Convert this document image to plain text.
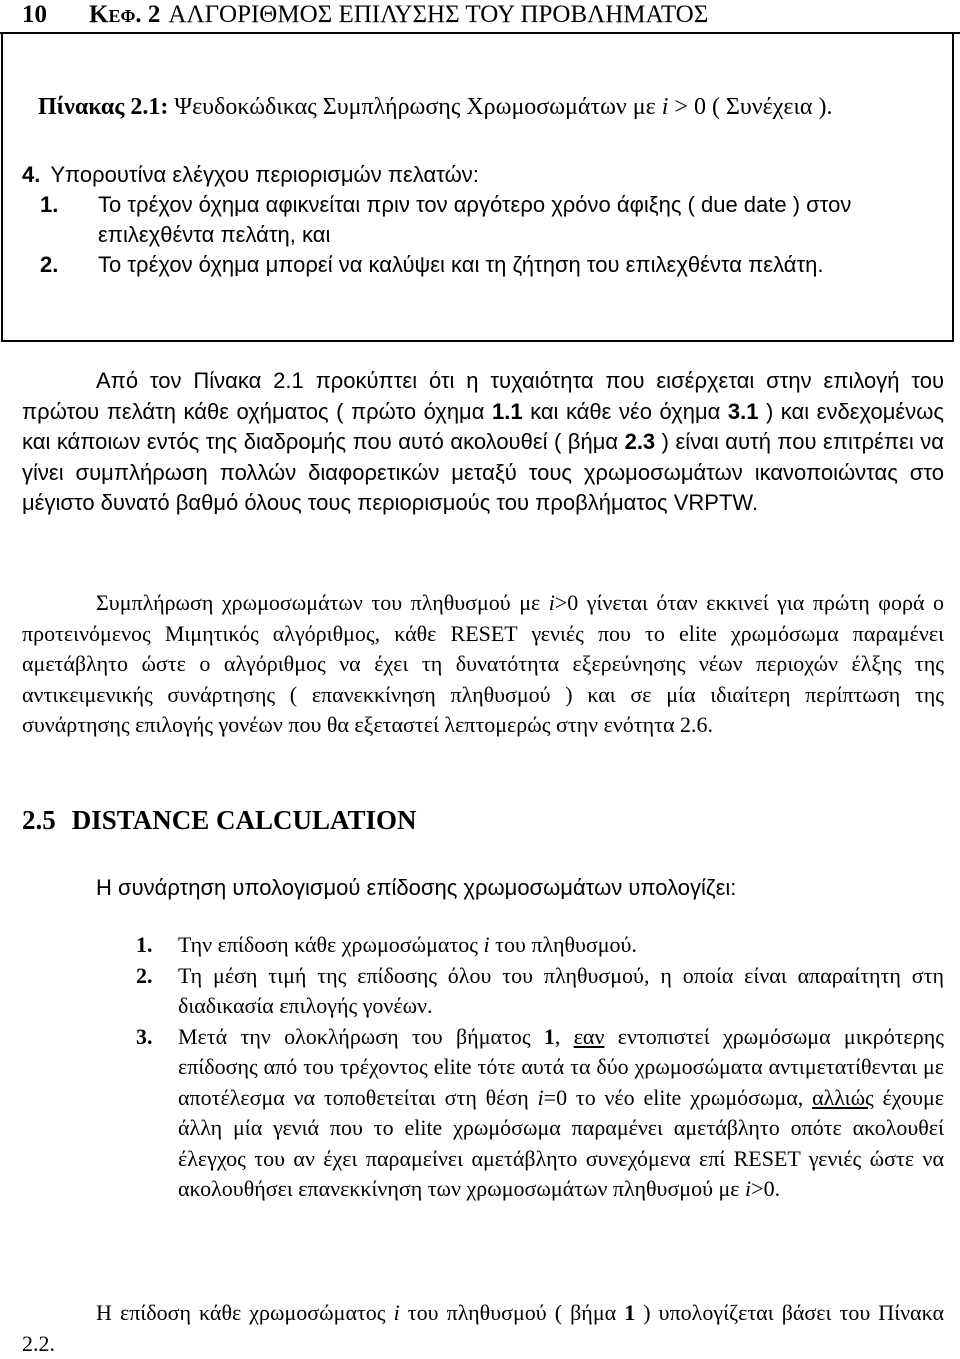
10 Κεφ. 2 ΑΛΓΟΡΙΘΜΟΣ ΕΠΙΛΥΣΗΣ ΤΟΥ ΠΡΟΒΛΗΜΑΤΟΣ
Πίνακας 2.1: Ψευδοκώδικας Συμπλήρωσης Χρωμοσωμάτων με i > 0 ( Συνέχεια ).
4. Υπορουτίνα ελέγχου περιορισμών πελατών:
1.	Το τρέχον όχημα αφικνείται πριν τον αργότερο χρόνο άφιξης ( due date ) στον επιλεχθέντα πελάτη, και
2.	Το τρέχον όχημα μπορεί να καλύψει και τη ζήτηση του επιλεχθέντα πελάτη.
Από τον Πίνακα 2.1 προκύπτει ότι η τυχαιότητα που εισέρχεται στην επιλογή του πρώτου πελάτη κάθε οχήματος ( πρώτο όχημα 1.1 και κάθε νέο όχημα 3.1 ) και ενδεχομένως και κάποιων εντός της διαδρομής που αυτό ακολουθεί ( βήμα 2.3 ) είναι αυτή που επιτρέπει να γίνει συμπλήρωση πολλών διαφορετικών μεταξύ τους χρωμοσωμάτων ικανοποιώντας στο μέγιστο δυνατό βαθμό όλους τους περιορισμούς του προβλήματος VRPTW.
Συμπλήρωση χρωμοσωμάτων του πληθυσμού με i>0 γίνεται όταν εκκινεί για πρώτη φορά ο προτεινόμενος Μιμητικός αλγόριθμος, κάθε RESET γενιές που το elite χρωμόσωμα παραμένει αμετάβλητο ώστε ο αλγόριθμος να έχει τη δυνατότητα εξερεύνησης νέων περιοχών έλξης της αντικειμενικής συνάρτησης ( επανεκκίνηση πληθυσμού ) και σε μία ιδιαίτερη περίπτωση της συνάρτησης επιλογής γονέων που θα εξεταστεί λεπτομερώς στην ενότητα 2.6.
2.5 DISTANCE CALCULATION
Η συνάρτηση υπολογισμού επίδοσης χρωμοσωμάτων υπολογίζει:
1.	Την επίδοση κάθε χρωμοσώματος i του πληθυσμού.
2.	Τη μέση τιμή της επίδοσης όλου του πληθυσμού, η οποία είναι απαραίτητη στη διαδικασία επιλογής γονέων.
3.	Μετά την ολοκλήρωση του βήματος 1, εαν εντοπιστεί χρωμόσωμα μικρότερης επίδοσης από του τρέχοντος elite τότε αυτά τα δύο χρωμοσώματα αντιμετατίθενται με αποτέλεσμα να τοποθετείται στη θέση i=0 το νέο elite χρωμόσωμα, αλλιώς έχουμε άλλη μία γενιά που το elite χρωμόσωμα παραμένει αμετάβλητο οπότε ακολουθεί έλεγχος του αν έχει παραμείνει αμετάβλητο συνεχόμενα επί RESET γενιές ώστε να ακολουθήσει επανεκκίνηση των χρωμοσωμάτων πληθυσμού με i>0.
Η επίδοση κάθε χρωμοσώματος i του πληθυσμού ( βήμα 1 ) υπολογίζεται βάσει του Πίνακα 2.2.
